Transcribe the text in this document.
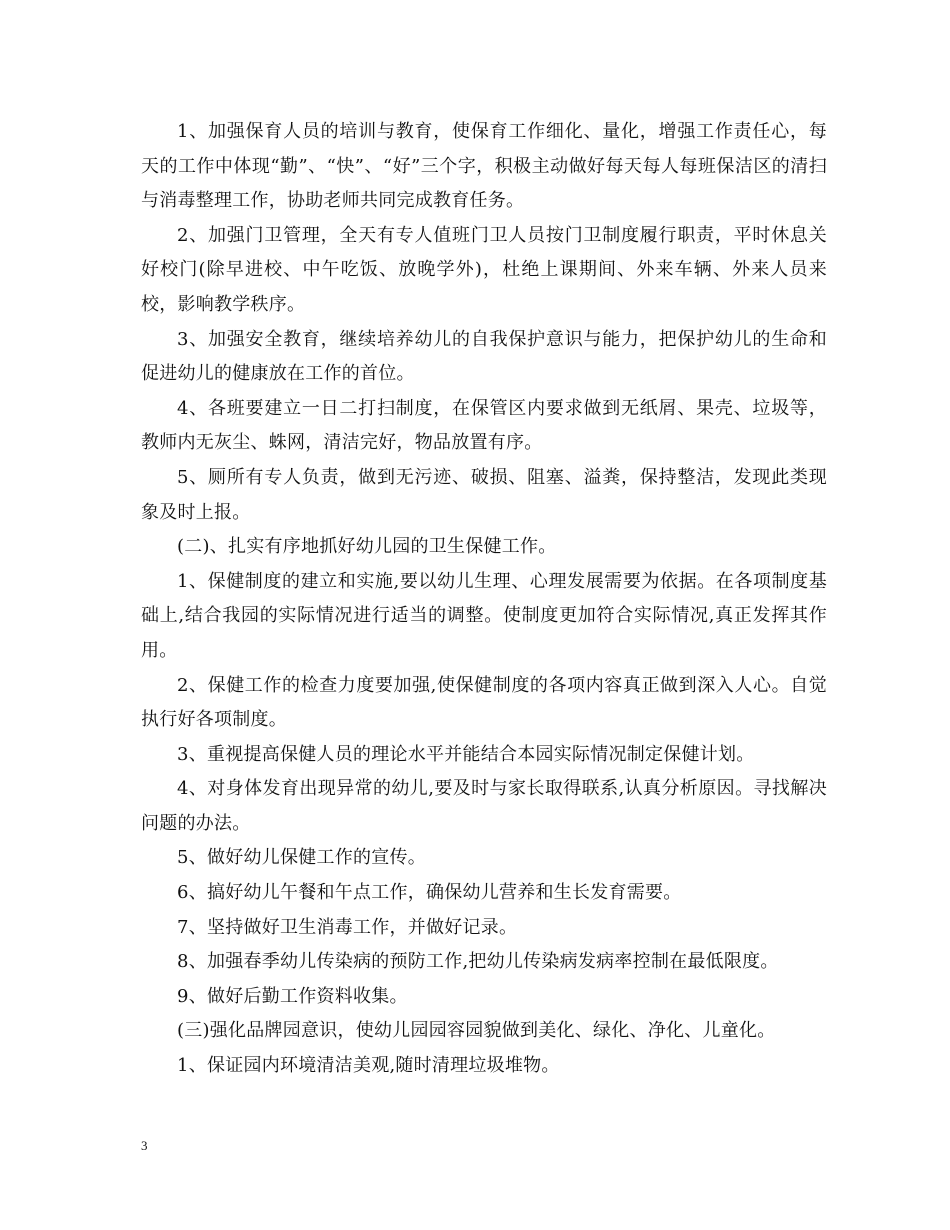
1、加强保育人员的培训与教育，使保育工作细化、量化，增强工作责任心，每天的工作中体现“勤”、“快”、“好”三个字，积极主动做好每天每人每班保洁区的清扫与消毒整理工作，协助老师共同完成教育任务。

2、加强门卫管理，全天有专人值班门卫人员按门卫制度履行职责，平时休息关好校门(除早进校、中午吃饭、放晚学外)，杜绝上课期间、外来车辆、外来人员来校，影响教学秩序。

3、加强安全教育，继续培养幼儿的自我保护意识与能力，把保护幼儿的生命和促进幼儿的健康放在工作的首位。

4、各班要建立一日二打扫制度，在保管区内要求做到无纸屑、果壳、垃圾等，教师内无灰尘、蛛网，清洁完好，物品放置有序。

5、厕所有专人负责，做到无污迹、破损、阻塞、溢粪，保持整洁，发现此类现象及时上报。

(二)、扎实有序地抓好幼儿园的卫生保健工作。

1、保健制度的建立和实施,要以幼儿生理、心理发展需要为依据。在各项制度基础上,结合我园的实际情况进行适当的调整。使制度更加符合实际情况,真正发挥其作用。

2、保健工作的检查力度要加强,使保健制度的各项内容真正做到深入人心。自觉执行好各项制度。

3、重视提高保健人员的理论水平并能结合本园实际情况制定保健计划。

4、对身体发育出现异常的幼儿,要及时与家长取得联系,认真分析原因。寻找解决问题的办法。

5、做好幼儿保健工作的宣传。

6、搞好幼儿午餐和午点工作，确保幼儿营养和生长发育需要。

7、坚持做好卫生消毒工作，并做好记录。

8、加强春季幼儿传染病的预防工作,把幼儿传染病发病率控制在最低限度。

9、做好后勤工作资料收集。

(三)强化品牌园意识，使幼儿园园容园貌做到美化、绿化、净化、儿童化。

1、保证园内环境清洁美观,随时清理垃圾堆物。

3
